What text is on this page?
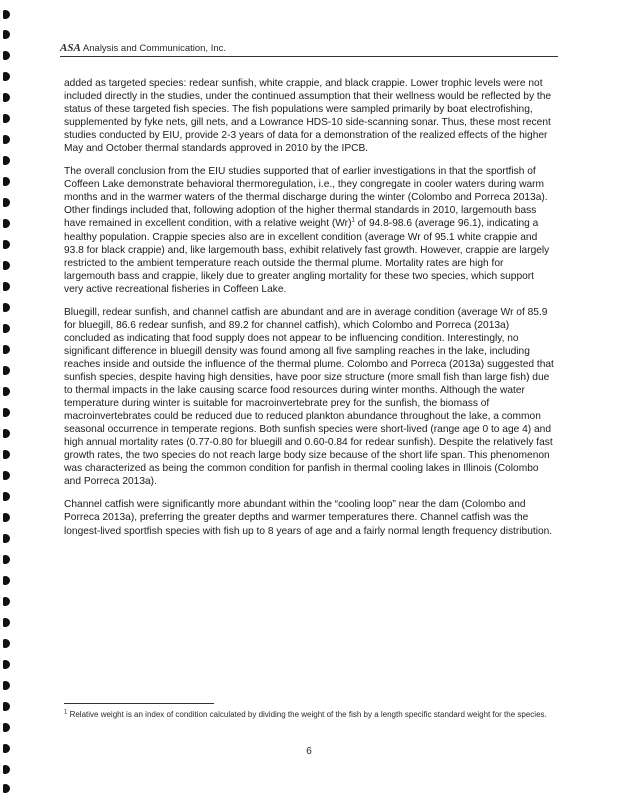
ASA Analysis and Communication, Inc.

added as targeted species: redear sunfish, white crappie, and black crappie. Lower trophic levels were not included directly in the studies, under the continued assumption that their wellness would be reflected by the status of these targeted fish species. The fish populations were sampled primarily by boat electrofishing, supplemented by fyke nets, gill nets, and a Lowrance HDS-10 side-scanning sonar. Thus, these most recent studies conducted by EIU, provide 2-3 years of data for a demonstration of the realized effects of the higher May and October thermal standards approved in 2010 by the IPCB.

The overall conclusion from the EIU studies supported that of earlier investigations in that the sportfish of Coffeen Lake demonstrate behavioral thermoregulation, i.e., they congregate in cooler waters during warm months and in the warmer waters of the thermal discharge during the winter (Colombo and Porreca 2013a). Other findings included that, following adoption of the higher thermal standards in 2010, largemouth bass have remained in excellent condition, with a relative weight $(Wr)^1$ of 94.8-98.6 (average 96.1), indicating a healthy population. Crappie species also are in excellent condition (average Wr of 95.1 white crappie and 93.8 for black crappie) and, like largemouth bass, exhibit relatively fast growth. However, crappie are largely restricted to the ambient temperature reach outside the thermal plume. Mortality rates are high for largemouth bass and crappie, likely due to greater angling mortality for these two species, which support very active recreational fisheries in Coffeen Lake.

Bluegill, redear sunfish, and channel catfish are abundant and are in average condition (average Wr of 85.9 for bluegill, 86.6 redear sunfish, and 89.2 for channel catfish), which Colombo and Porreca (2013a) concluded as indicating that food supply does not appear to be influencing condition. Interestingly, no significant difference in bluegill density was found among all five sampling reaches in the lake, including reaches inside and outside the influence of the thermal plume. Colombo and Porreca (2013a) suggested that sunfish species, despite having high densities, have poor size structure (more small fish than large fish) due to thermal impacts in the lake causing scarce food resources during winter months. Although the water temperature during winter is suitable for macroinvertebrate prey for the sunfish, the biomass of macroinvertebrates could be reduced due to reduced plankton abundance throughout the lake, a common seasonal occurrence in temperate regions. Both sunfish species were short-lived (range age 0 to age 4) and high annual mortality rates (0.77-0.80 for bluegill and 0.60-0.84 for redear sunfish). Despite the relatively fast growth rates, the two species do not reach large body size because of the short life span. This phenomenon was characterized as being the common condition for panfish in thermal cooling lakes in Illinois (Colombo and Porreca 2013a).

Channel catfish were significantly more abundant within the “cooling loop” near the dam (Colombo and Porreca 2013a), preferring the greater depths and warmer temperatures there. Channel catfish was the longest-lived sportfish species with fish up to 8 years of age and a fairly normal length frequency distribution.

$^1$ Relative weight is an index of condition calculated by dividing the weight of the fish by a length specific standard weight for the species.
6
